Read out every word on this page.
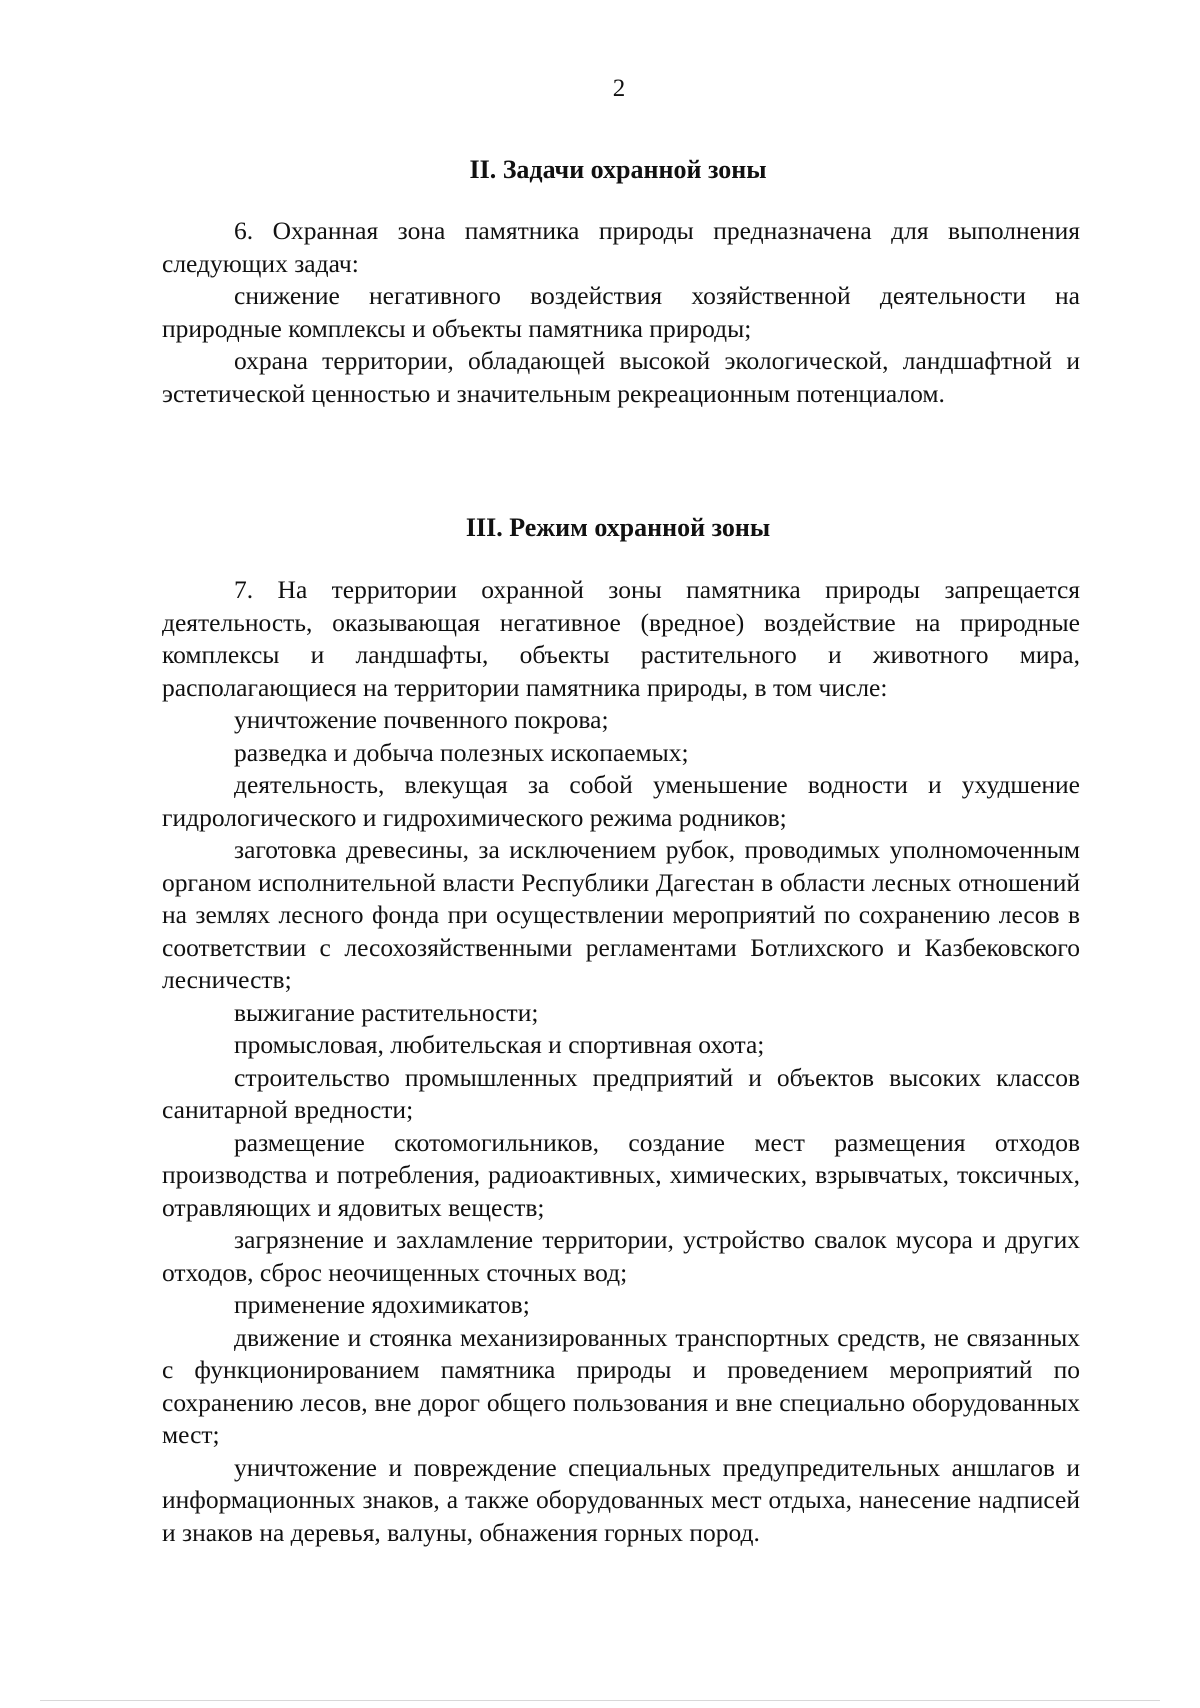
2
II. Задачи охранной зоны

6. Охранная зона памятника природы предназначена для выполнения следующих задач:

снижение негативного воздействия хозяйственной деятельности на природные комплексы и объекты памятника природы;

охрана территории, обладающей высокой экологической, ландшафтной и эстетической ценностью и значительным рекреационным потенциалом.

III. Режим охранной зоны

7. На территории охранной зоны памятника природы запрещается деятельность, оказывающая негативное (вредное) воздействие на природные комплексы и ландшафты, объекты растительного и животного мира, располагающиеся на территории памятника природы, в том числе:

уничтожение почвенного покрова;

разведка и добыча полезных ископаемых;

деятельность, влекущая за собой уменьшение водности и ухудшение гидрологического и гидрохимического режима родников;

заготовка древесины, за исключением рубок, проводимых уполномоченным органом исполнительной власти Республики Дагестан в области лесных отношений на землях лесного фонда при осуществлении мероприятий по сохранению лесов в соответствии с лесохозяйственными регламентами Ботлихского и Казбековского лесничеств;

выжигание растительности;

промысловая, любительская и спортивная охота;

строительство промышленных предприятий и объектов высоких классов санитарной вредности;

размещение скотомогильников, создание мест размещения отходов производства и потребления, радиоактивных, химических, взрывчатых, токсичных, отравляющих и ядовитых веществ;

загрязнение и захламление территории, устройство свалок мусора и других отходов, сброс неочищенных сточных вод;

применение ядохимикатов;

движение и стоянка механизированных транспортных средств, не связанных с функционированием памятника природы и проведением мероприятий по сохранению лесов, вне дорог общего пользования и вне специально оборудованных мест;

уничтожение и повреждение специальных предупредительных аншлагов и информационных знаков, а также оборудованных мест отдыха, нанесение надписей и знаков на деревья, валуны, обнажения горных пород.
